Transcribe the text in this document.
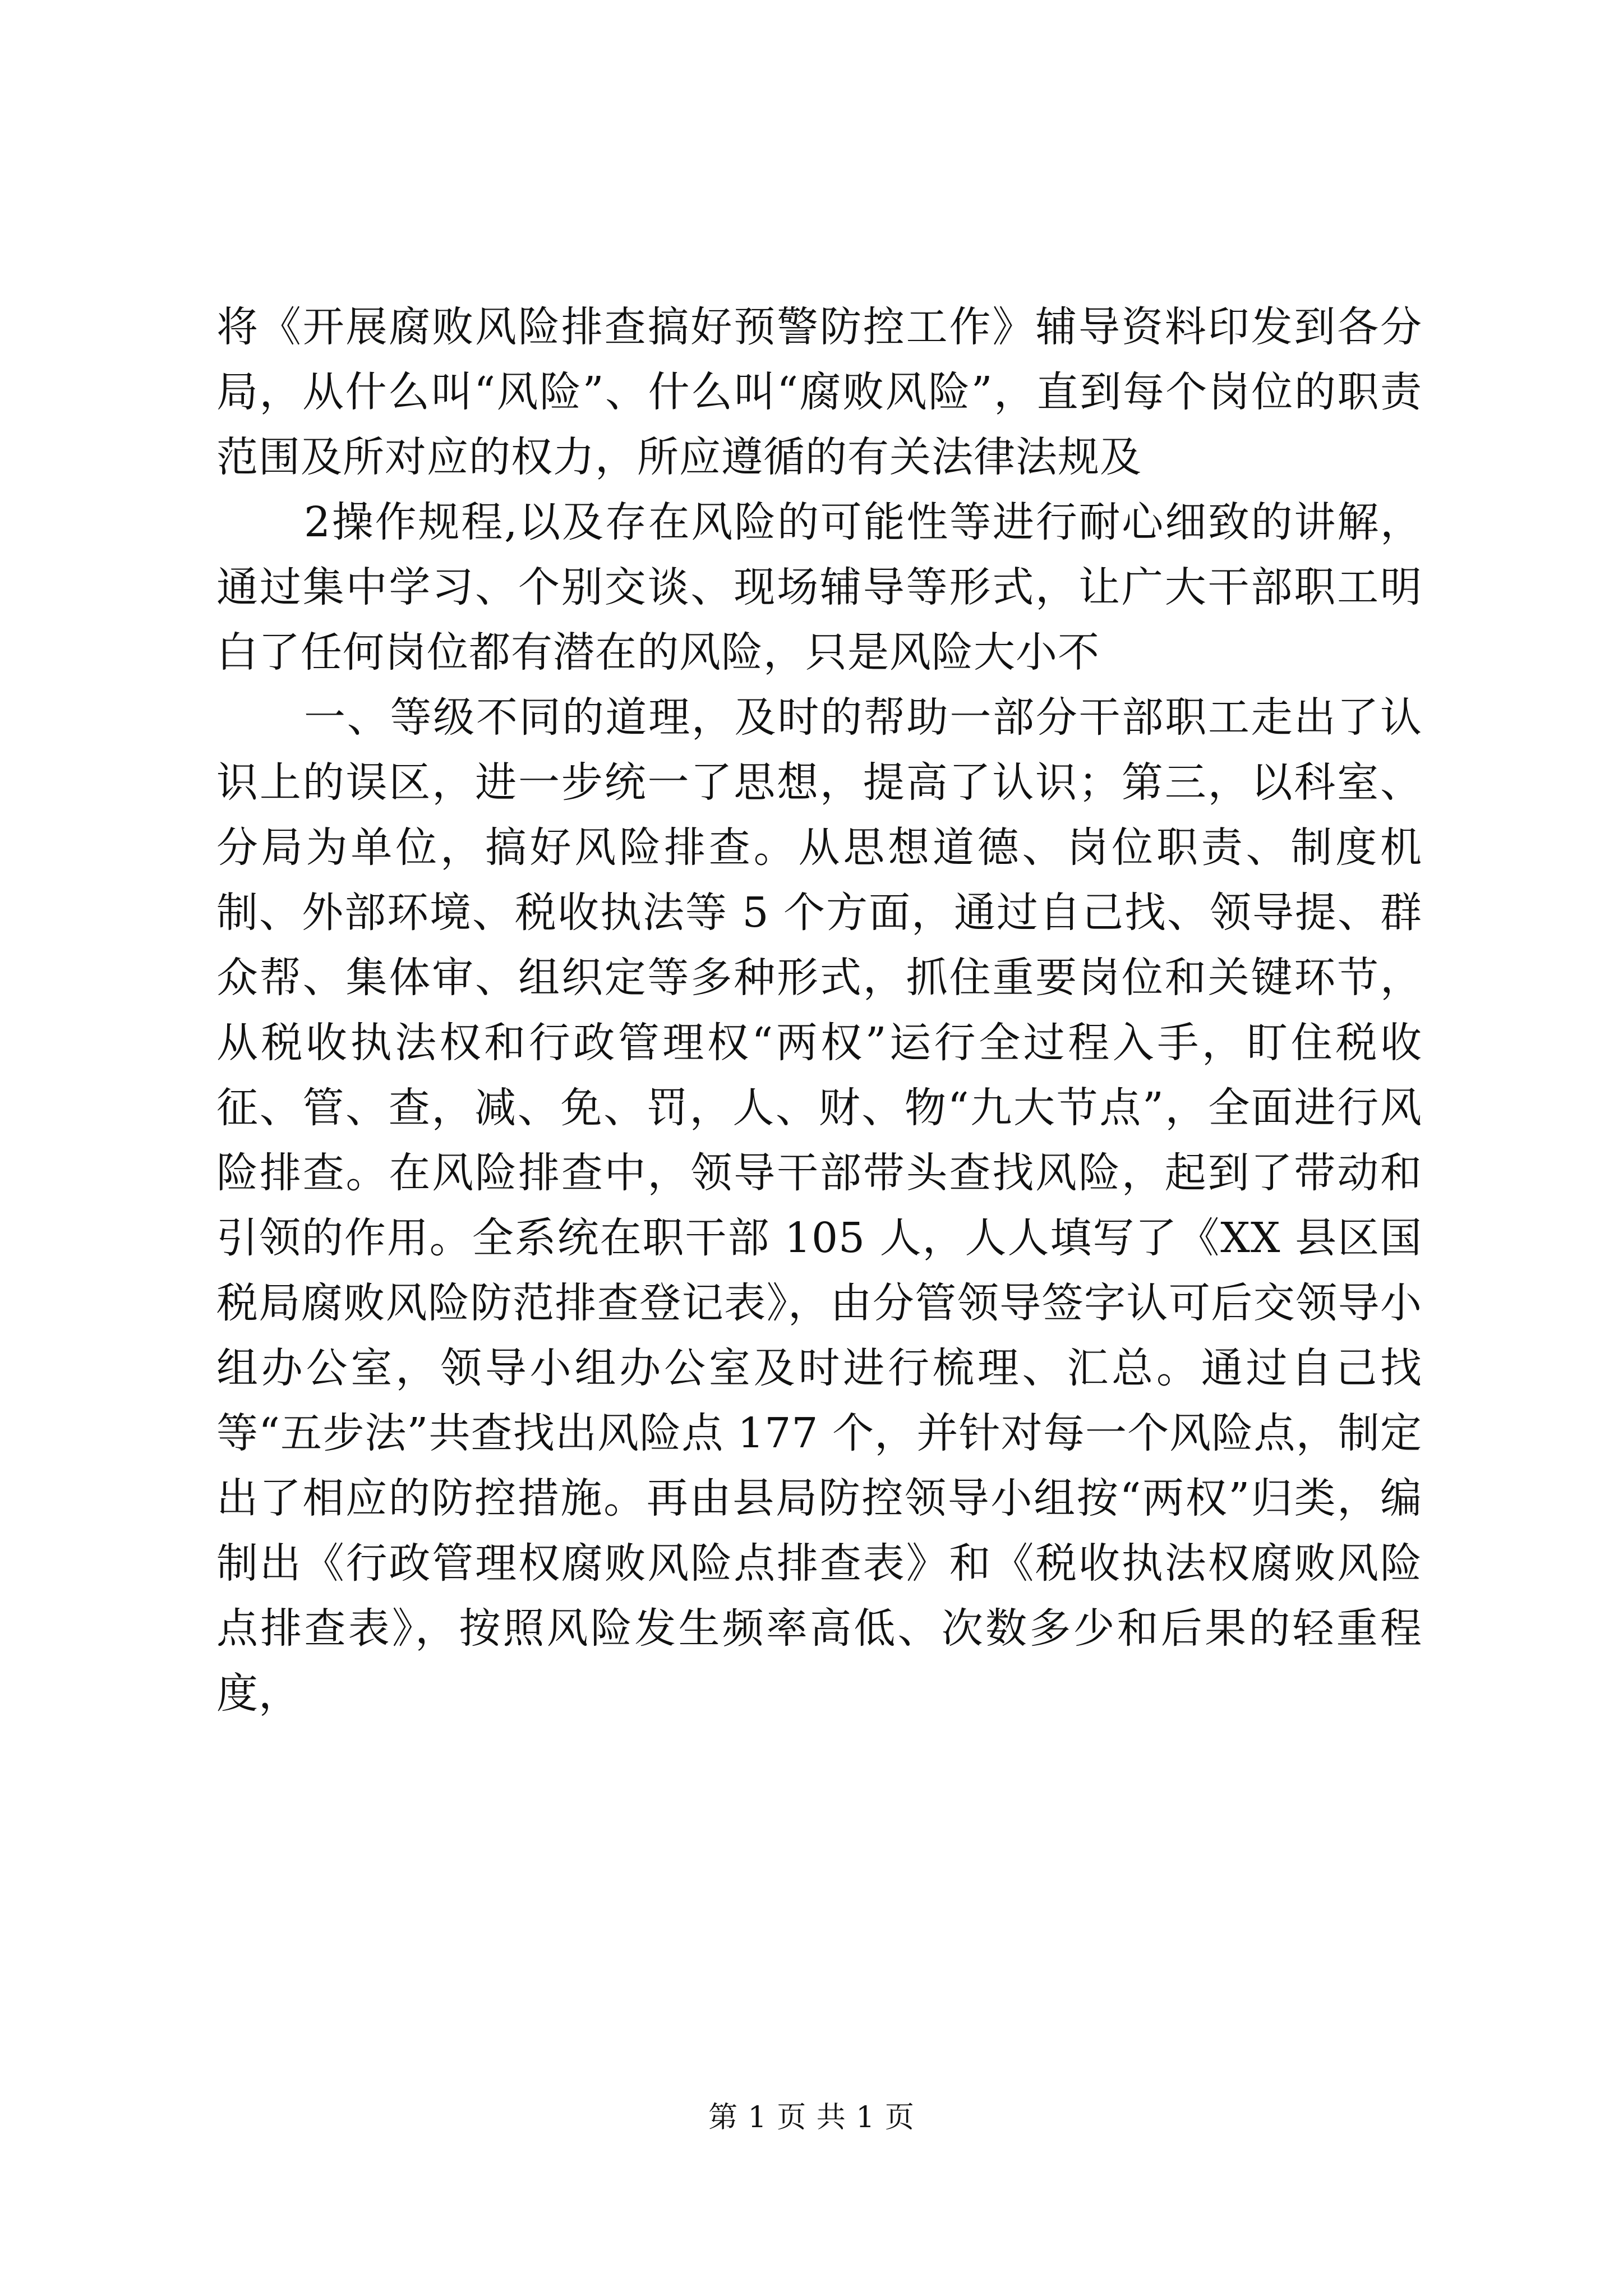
将《开展腐败风险排查搞好预警防控工作》辅导资料印发到各分局，从什么叫“风险”、什么叫“腐败风险”，直到每个岗位的职责范围及所对应的权力，所应遵循的有关法律法规及

2操作规程,以及存在风险的可能性等进行耐心细致的讲解，通过集中学习、个别交谈、现场辅导等形式，让广大干部职工明白了任何岗位都有潜在的风险，只是风险大小不

一、等级不同的道理，及时的帮助一部分干部职工走出了认识上的误区，进一步统一了思想，提高了认识；第三，以科室、分局为单位，搞好风险排查。从思想道德、岗位职责、制度机制、外部环境、税收执法等 5 个方面，通过自己找、领导提、群众帮、集体审、组织定等多种形式，抓住重要岗位和关键环节，从税收执法权和行政管理权“两权”运行全过程入手，盯住税收征、管、查，减、免、罚，人、财、物“九大节点”，全面进行风险排查。在风险排查中，领导干部带头查找风险，起到了带动和引领的作用。全系统在职干部 105 人，人人填写了《XX 县区国税局腐败风险防范排查登记表》，由分管领导签字认可后交领导小组办公室，领导小组办公室及时进行梳理、汇总。通过自己找等“五步法”共查找出风险点 177 个，并针对每一个风险点，制定出了相应的防控措施。再由县局防控领导小组按“两权”归类，编制出《行政管理权腐败风险点排查表》和《税收执法权腐败风险点排查表》，按照风险发生频率高低、次数多少和后果的轻重程度，

第 1 页 共 1 页
